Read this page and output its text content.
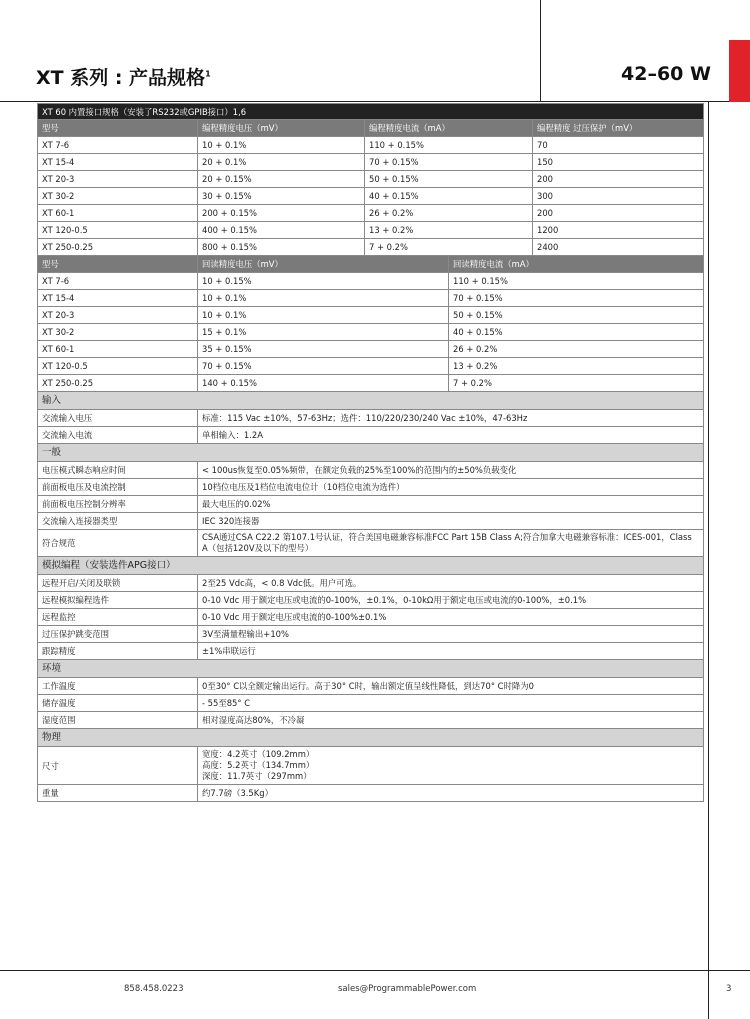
XT 系列 : 产品规格$^1$	42–60 W
XT 60 内置接口规格（安装了RS232或GPIB接口）1,6				
型号	编程精度电压（mV）	编程精度电流（mA）		编程精度 过压保护（mV）
XT 7-6	10 + 0.1%	110 + 0.15%		70
XT 15-4	20 + 0.1%	70 + 0.15%		150
XT 20-3	20 + 0.15%	50 + 0.15%		200
XT 30-2	30 + 0.15%	40 + 0.15%		300
XT 60-1	200 + 0.15%	26 + 0.2%		200
XT 120-0.5	400 + 0.15%	13 + 0.2%		1200
XT 250-0.25	800 + 0.15%	7 + 0.2%		2400
型号	回读精度电压（mV）		回读精度电流（mA）	
XT 7-6	10 + 0.15%		110 + 0.15%	
XT 15-4	10 + 0.1%		70 + 0.15%	
XT 20-3	10 + 0.1%		50 + 0.15%	
XT 30-2	15 + 0.1%		40 + 0.15%	
XT 60-1	35 + 0.15%		26 + 0.2%	
XT 120-0.5	70 + 0.15%		13 + 0.2%	
XT 250-0.25	140 + 0.15%		7 + 0.2%	
输入				
交流输入电压	标准：115 Vac ±10%，57-63Hz；选件：110/220/230/240 Vac ±10%，47-63Hz			
交流输入电流	单相输入：1.2A			
一般				
电压模式瞬态响应时间	< 100us恢复至0.05%频带，在额定负载的25%至100%的范围内的±50%负载变化			
前面板电压及电流控制	10档位电压及1档位电流电位计（10档位电流为选件）			
前面板电压控制分辨率	最大电压的0.02%			
交流输入连接器类型	IEC 320连接器			
符合规范	CSA通过CSA C22.2 第107.1号认证，符合美国电磁兼容标准FCC Part 15B Class A;符合加拿大电磁兼容标准：ICES-001，Class A（包括120V及以下的型号）			
模拟编程（安装选件APG接口）				
远程开启/关闭及联锁	2至25 Vdc高，< 0.8 Vdc低。用户可选。			
远程模拟编程选件	0-10 Vdc 用于额定电压或电流的0-100%，±0.1%，0-10kΩ用于额定电压或电流的0-100%，±0.1%			
远程监控	0-10 Vdc 用于额定电压或电流的0-100%±0.1%			
过压保护跳变范围	3V至满量程输出+10%			
跟踪精度	±1%串联运行			
环境				
工作温度	0至30° C以全额定输出运行。高于30° C时，输出额定值呈线性降低，到达70° C时降为0			
储存温度	- 55至85° C			
湿度范围	相对湿度高达80%，不冷凝			
物理				
尺寸	宽度：4.2英寸（109.2mm）
高度：5.2英寸（134.7mm）
深度：11.7英寸（297mm）			
重量	约7.7磅（3.5Kg）			
858.458.0223	sales@ProgrammablePower.com	3
